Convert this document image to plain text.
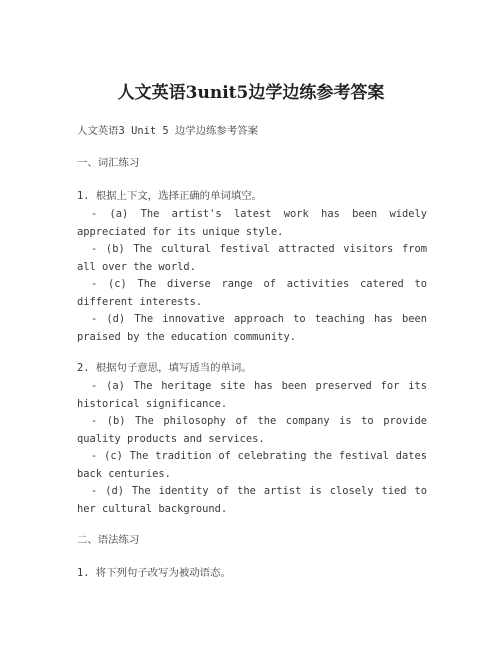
人文英语3unit5边学边练参考答案
人文英语3 Unit 5 边学边练参考答案
一、词汇练习
1. 根据上下文，选择正确的单词填空。
- (a) The artist's latest work has been widely appreciated for its unique style.
- (b) The cultural festival attracted visitors from all over the world.
- (c) The diverse range of activities catered to different interests.
- (d) The innovative approach to teaching has been praised by the education community.
2. 根据句子意思，填写适当的单词。
- (a) The heritage site has been preserved for its historical significance.
- (b) The philosophy of the company is to provide quality products and services.
- (c) The tradition of celebrating the festival dates back centuries.
- (d) The identity of the artist is closely tied to her cultural background.
二、语法练习
1. 将下列句子改写为被动语态。
